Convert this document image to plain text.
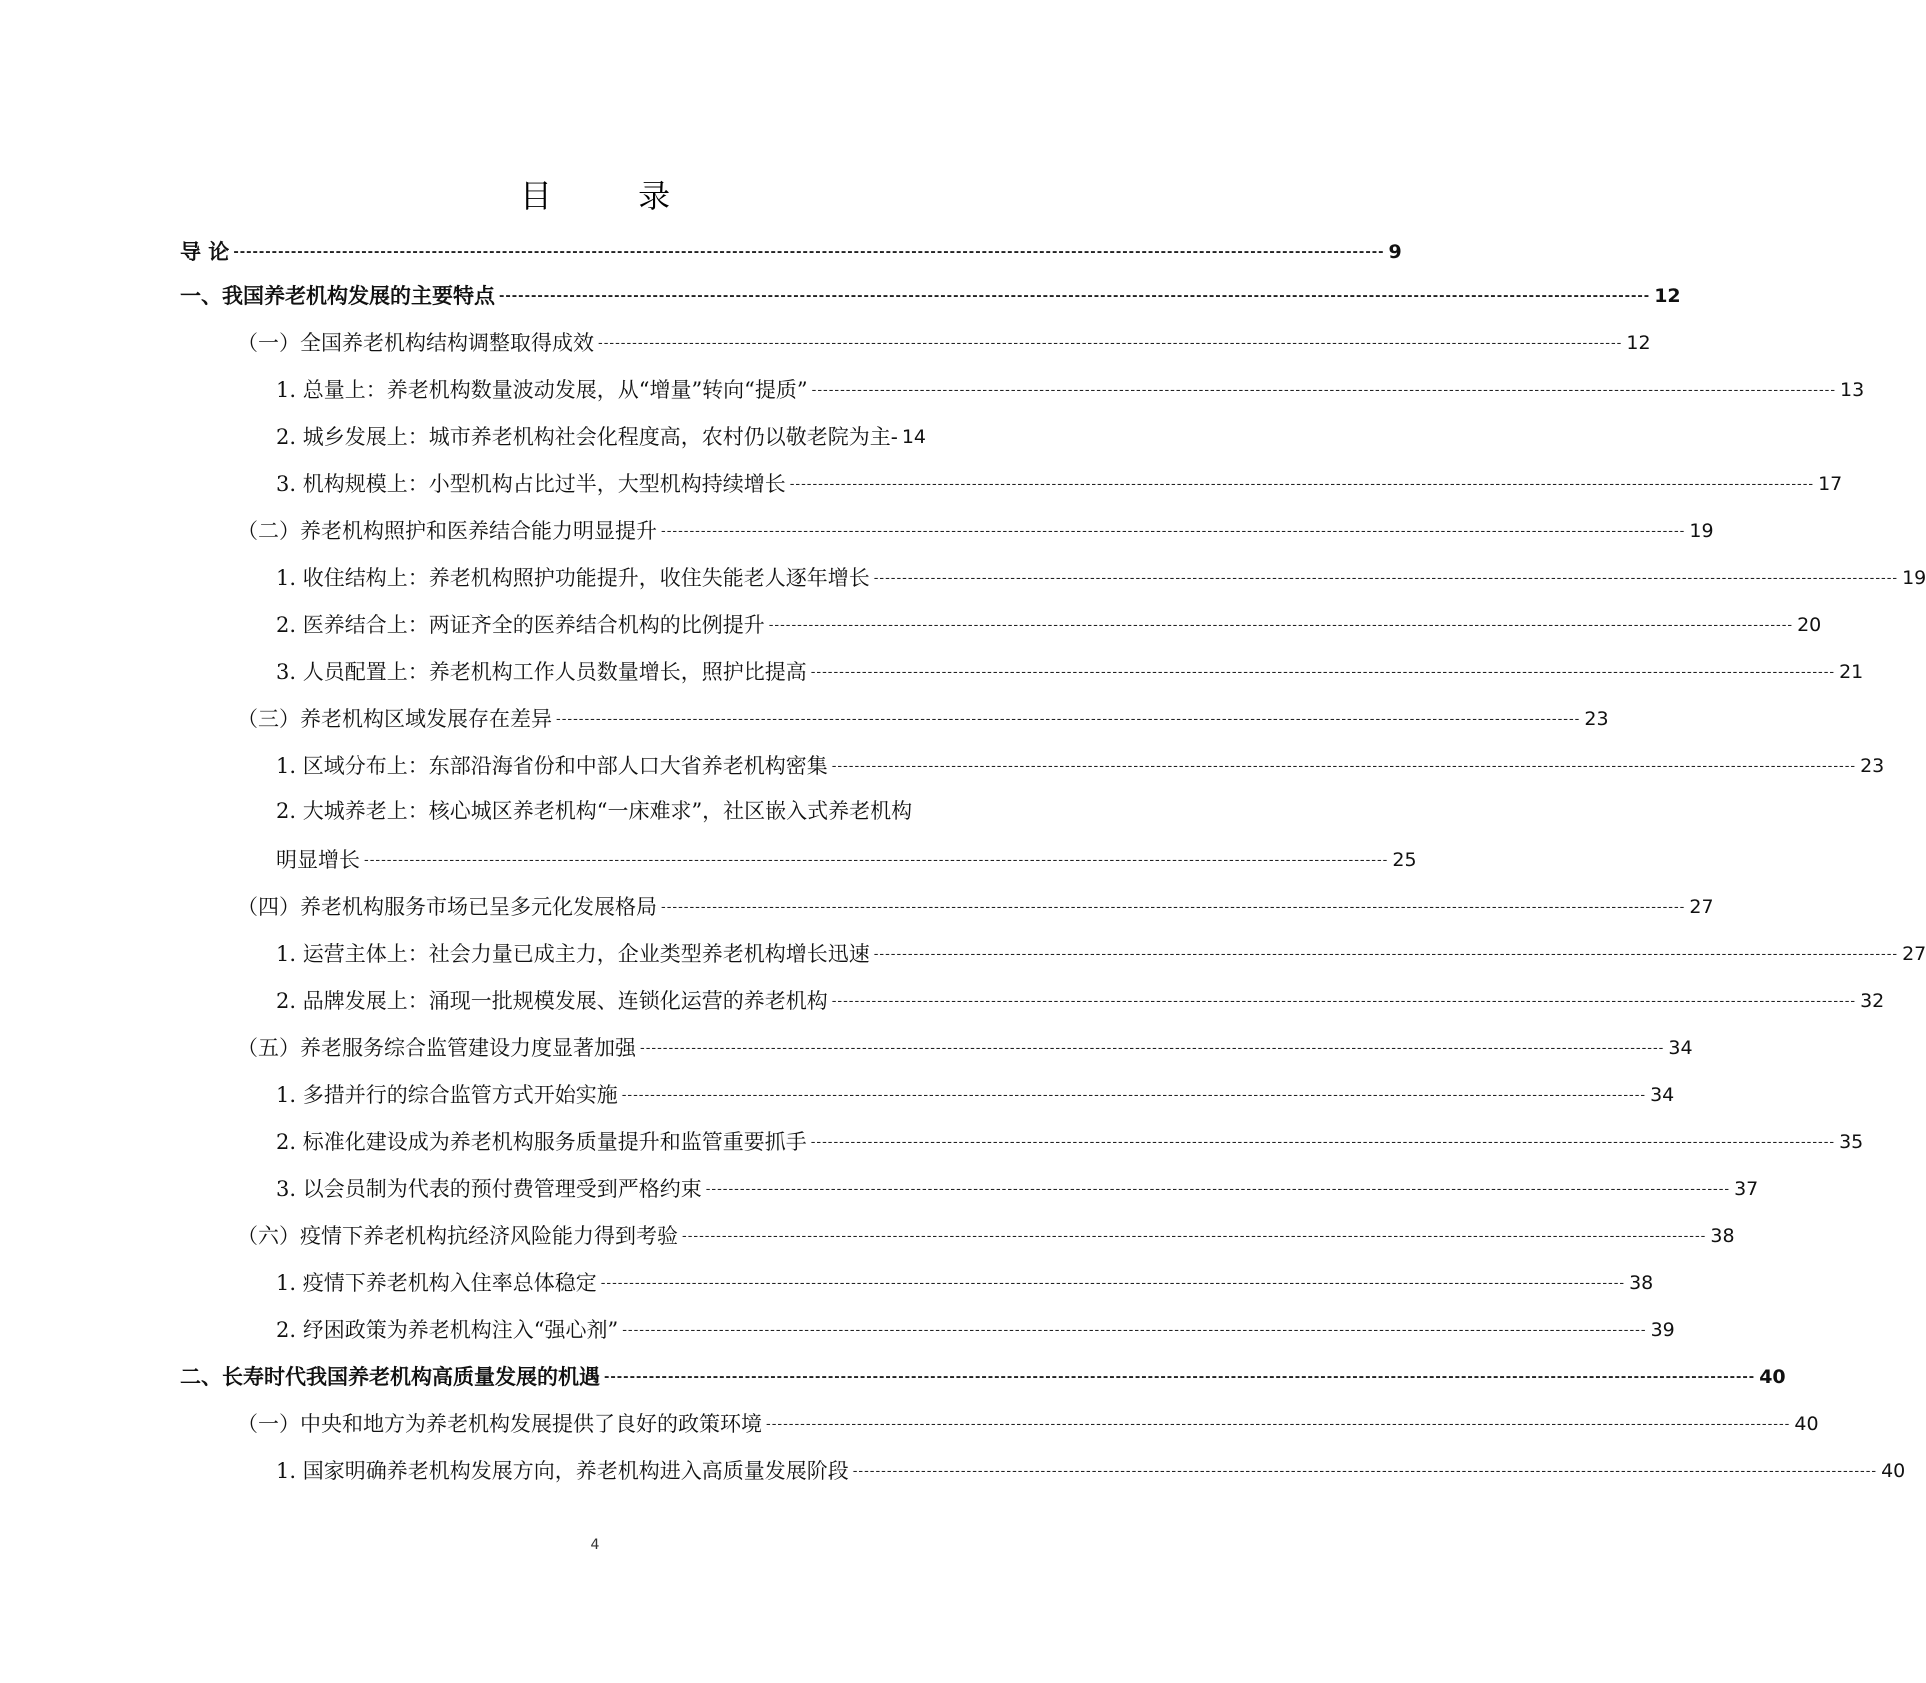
目 录
导 论 ------------------------------------------------------------------------------------------------------------------------------------------------------------------------------------ 9
一、我国养老机构发展的主要特点 ------------------------------------------------------------------------------------------------------------------------------------------------------------------------------------ 12
（一）全国养老机构结构调整取得成效 ------------------------------------------------------------------------------------------------------------------------------------------------------------------------------------ 12
1. 总量上：养老机构数量波动发展，从“增量”转向“提质” ------------------------------------------------------------------------------------------------------------------------------------------------------------------------------------ 13
2. 城乡发展上：城市养老机构社会化程度高，农村仍以敬老院为主- 14
3. 机构规模上：小型机构占比过半，大型机构持续增长 ------------------------------------------------------------------------------------------------------------------------------------------------------------------------------------ 17
（二）养老机构照护和医养结合能力明显提升 ------------------------------------------------------------------------------------------------------------------------------------------------------------------------------------ 19
1. 收住结构上：养老机构照护功能提升，收住失能老人逐年增长 ------------------------------------------------------------------------------------------------------------------------------------------------------------------------------------ 19
2. 医养结合上：两证齐全的医养结合机构的比例提升 ------------------------------------------------------------------------------------------------------------------------------------------------------------------------------------ 20
3. 人员配置上：养老机构工作人员数量增长，照护比提高 ------------------------------------------------------------------------------------------------------------------------------------------------------------------------------------ 21
（三）养老机构区域发展存在差异 ------------------------------------------------------------------------------------------------------------------------------------------------------------------------------------ 23
1. 区域分布上：东部沿海省份和中部人口大省养老机构密集 ------------------------------------------------------------------------------------------------------------------------------------------------------------------------------------ 23
2. 大城养老上：核心城区养老机构“一床难求”，社区嵌入式养老机构
明显增长 ------------------------------------------------------------------------------------------------------------------------------------------------------------------------------------ 25
（四）养老机构服务市场已呈多元化发展格局 ------------------------------------------------------------------------------------------------------------------------------------------------------------------------------------ 27
1. 运营主体上：社会力量已成主力，企业类型养老机构增长迅速 ------------------------------------------------------------------------------------------------------------------------------------------------------------------------------------ 27
2. 品牌发展上：涌现一批规模发展、连锁化运营的养老机构 ------------------------------------------------------------------------------------------------------------------------------------------------------------------------------------ 32
（五）养老服务综合监管建设力度显著加强 ------------------------------------------------------------------------------------------------------------------------------------------------------------------------------------ 34
1. 多措并行的综合监管方式开始实施 ------------------------------------------------------------------------------------------------------------------------------------------------------------------------------------ 34
2. 标准化建设成为养老机构服务质量提升和监管重要抓手 ------------------------------------------------------------------------------------------------------------------------------------------------------------------------------------ 35
3. 以会员制为代表的预付费管理受到严格约束 ------------------------------------------------------------------------------------------------------------------------------------------------------------------------------------ 37
（六）疫情下养老机构抗经济风险能力得到考验 ------------------------------------------------------------------------------------------------------------------------------------------------------------------------------------ 38
1. 疫情下养老机构入住率总体稳定 ------------------------------------------------------------------------------------------------------------------------------------------------------------------------------------ 38
2. 纾困政策为养老机构注入“强心剂” ------------------------------------------------------------------------------------------------------------------------------------------------------------------------------------ 39
二、长寿时代我国养老机构高质量发展的机遇 ------------------------------------------------------------------------------------------------------------------------------------------------------------------------------------ 40
（一）中央和地方为养老机构发展提供了良好的政策环境 ------------------------------------------------------------------------------------------------------------------------------------------------------------------------------------ 40
1. 国家明确养老机构发展方向，养老机构进入高质量发展阶段 ------------------------------------------------------------------------------------------------------------------------------------------------------------------------------------ 40
4
